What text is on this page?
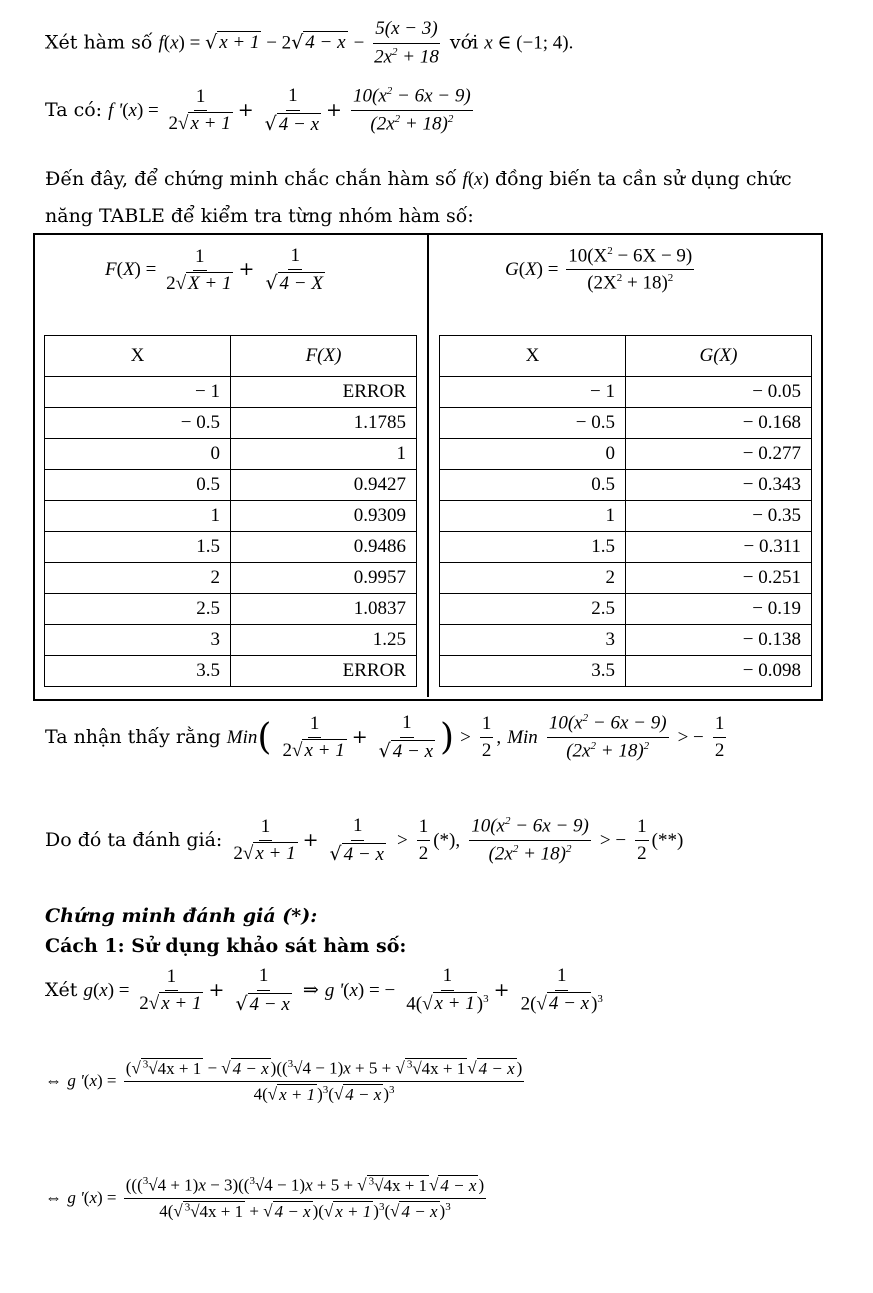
Xét hàm số f(x) = √ x + 1 − 2√ $4 - x - \frac{5(x - 3)}{2x^2 + 18}$ với x ∈ (−1; 4).
Ta có: f '$(x) = \frac{1}{2√ x + 1} + \frac{1}{√ 4 - x} + \frac{10(x^2 - 6x - 9)}{(2x^2 + 18)^2}$
Đến đây, để chứng minh chắc chắn hàm số f(x) đồng biến ta cần sử dụng chức
năng TABLE để kiểm tra từng nhóm hàm số:
$F(X) = \frac{1}{2√ X + 1} + \frac{1}{√ 4 - X}$	$G(X) = \frac{10(X^2 - 6X - 9)}{(2X^2 + 18)^2}$
X	F(X)
− 1	ERROR
− 0.5	1.1785
0	1
0.5	0.9427
1	0.9309
1.5	0.9486
2	0.9957
2.5	1.0837
3	1.25
3.5	ERROR
X	G(X)
− 1	− 0.05
− 0.5	− 0.168
0	− 0.277
0.5	− 0.343
1	− 0.35
1.5	− 0.311
2	− 0.251
2.5	− 0.19
3	− 0.138
3.5	− 0.098
Ta nhận thấy rằng $Min( \frac{1}{2√ x + 1} + \frac{1}{√ 4 - x}$ ) > $\frac{1}{2}$ , Min $\frac{10(x^2 - 6x - 9)}{(2x^2 + 18)^2}$ > − $\frac{1}{2}$
Do đó ta đánh giá: $\frac{1}{2√ x + 1} + \frac{1}{√ 4 - x} > \frac{1}{2}$ (*), $\frac{10(x^2 - 6x - 9)}{(2x^2 + 18)^2}$ > − $\frac{1}{2}$ (**)
Chứng minh đánh giá (*):
Cách 1: Sử dụng khảo sát hàm số:
Xét $g(x) = \frac{1}{2√ x + 1} + \frac{1}{√ 4 - x}$ ⇒ g '(x) = − $\frac{1}{4(√ x + 1 )^3} + \frac{1}{2(√ 4 - x )^3}$
⇔ g '$(x) = \frac{(√ ^3√4x + 1 - √ 4 - x )((^3√4 - 1)x + 5 + √ ^3√4x + 1 √ 4 - x )}{4(√ x + 1 )^3(√ 4 - x )^3}$
⇔ g '$(x) = \frac{(((^3√4 + 1)x - 3)((^3√4 - 1)x + 5 + √ ^3√4x + 1 √ 4 - x )}{4(√ ^3√4x + 1 + √ 4 - x )(√ x + 1 )^3(√ 4 - x )^3}$
